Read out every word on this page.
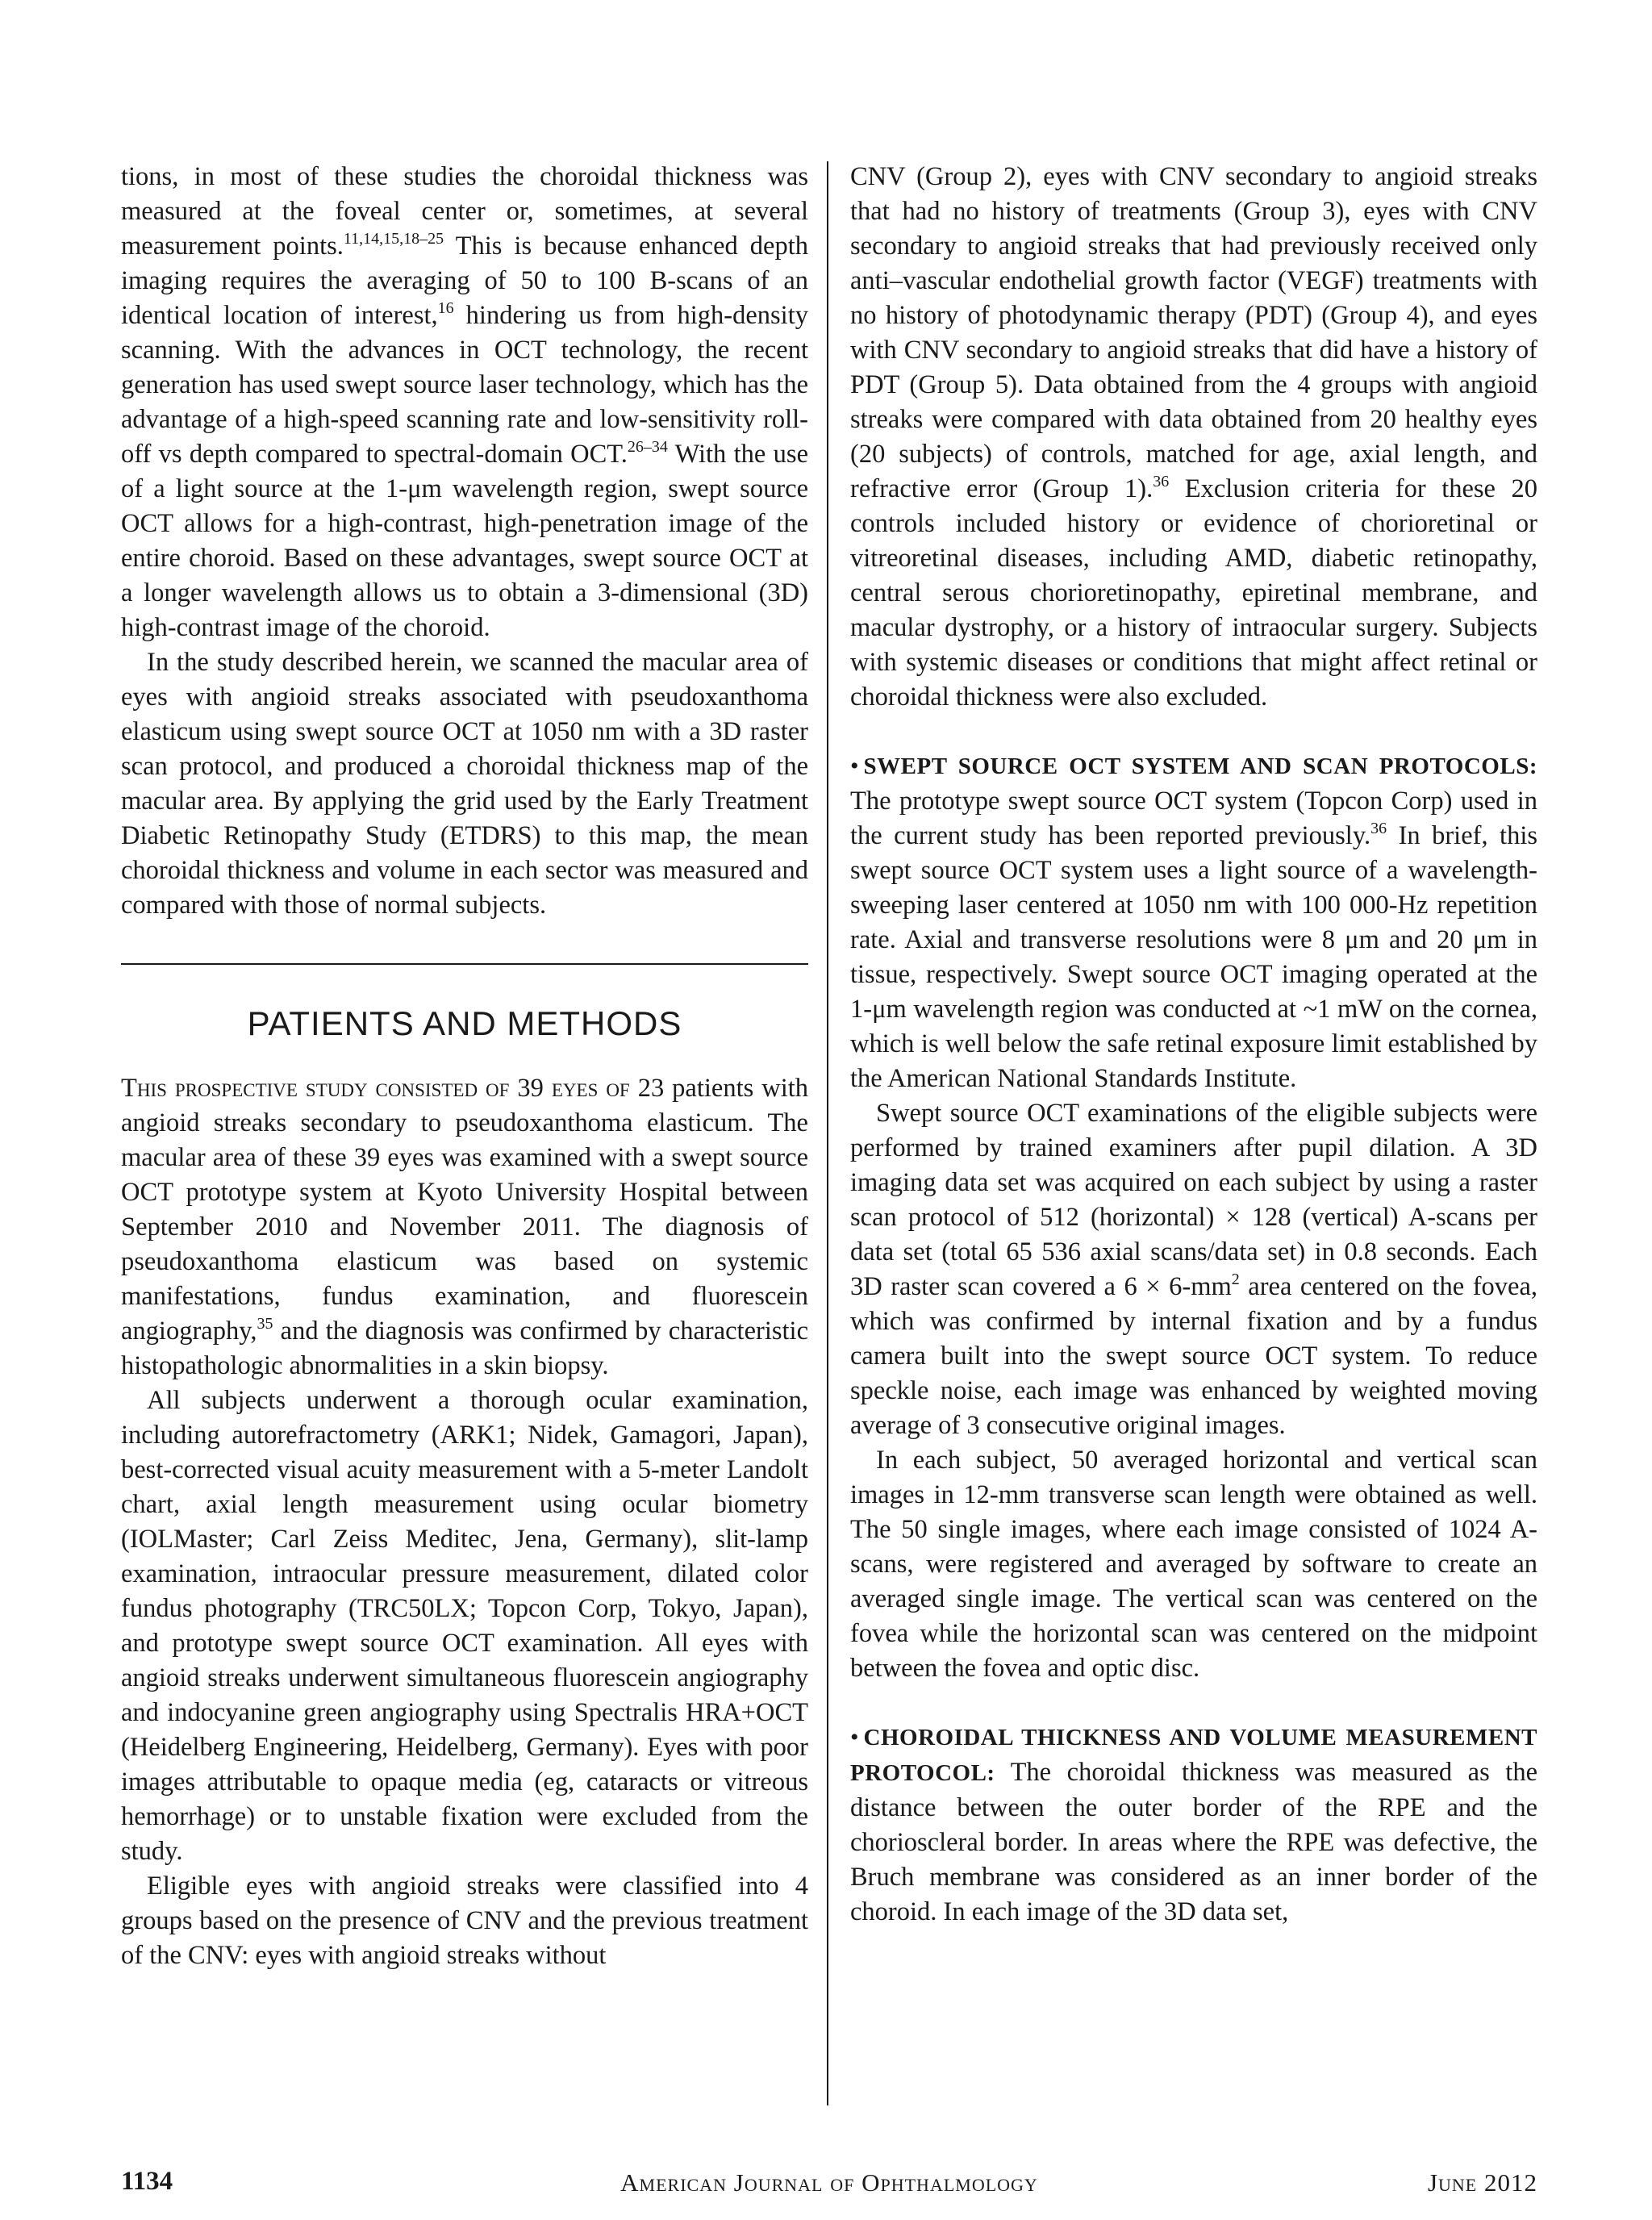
tions, in most of these studies the choroidal thickness was measured at the foveal center or, sometimes, at several measurement points.$^{11,14,15,18-25}$ This is because enhanced depth imaging requires the averaging of 50 to 100 B-scans of an identical location of interest,$^{16}$ hindering us from high-density scanning. With the advances in OCT technology, the recent generation has used swept source laser technology, which has the advantage of a high-speed scanning rate and low-sensitivity roll-off vs depth compared to spectral-domain OCT.$^{26-34}$ With the use of a light source at the 1-μm wavelength region, swept source OCT allows for a high-contrast, high-penetration image of the entire choroid. Based on these advantages, swept source OCT at a longer wavelength allows us to obtain a 3-dimensional (3D) high-contrast image of the choroid.

In the study described herein, we scanned the macular area of eyes with angioid streaks associated with pseudoxanthoma elasticum using swept source OCT at 1050 nm with a 3D raster scan protocol, and produced a choroidal thickness map of the macular area. By applying the grid used by the Early Treatment Diabetic Retinopathy Study (ETDRS) to this map, the mean choroidal thickness and volume in each sector was measured and compared with those of normal subjects.

PATIENTS AND METHODS

This prospective study consisted of 39 eyes of 23 patients with angioid streaks secondary to pseudoxanthoma elasticum. The macular area of these 39 eyes was examined with a swept source OCT prototype system at Kyoto University Hospital between September 2010 and November 2011. The diagnosis of pseudoxanthoma elasticum was based on systemic manifestations, fundus examination, and fluorescein angiography,$^{35}$ and the diagnosis was confirmed by characteristic histopathologic abnormalities in a skin biopsy.

All subjects underwent a thorough ocular examination, including autorefractometry (ARK1; Nidek, Gamagori, Japan), best-corrected visual acuity measurement with a 5-meter Landolt chart, axial length measurement using ocular biometry (IOLMaster; Carl Zeiss Meditec, Jena, Germany), slit-lamp examination, intraocular pressure measurement, dilated color fundus photography (TRC50LX; Topcon Corp, Tokyo, Japan), and prototype swept source OCT examination. All eyes with angioid streaks underwent simultaneous fluorescein angiography and indocyanine green angiography using Spectralis HRA+OCT (Heidelberg Engineering, Heidelberg, Germany). Eyes with poor images attributable to opaque media (eg, cataracts or vitreous hemorrhage) or to unstable fixation were excluded from the study.

Eligible eyes with angioid streaks were classified into 4 groups based on the presence of CNV and the previous treatment of the CNV: eyes with angioid streaks without

CNV (Group 2), eyes with CNV secondary to angioid streaks that had no history of treatments (Group 3), eyes with CNV secondary to angioid streaks that had previously received only anti–vascular endothelial growth factor (VEGF) treatments with no history of photodynamic therapy (PDT) (Group 4), and eyes with CNV secondary to angioid streaks that did have a history of PDT (Group 5). Data obtained from the 4 groups with angioid streaks were compared with data obtained from 20 healthy eyes (20 subjects) of controls, matched for age, axial length, and refractive error (Group 1).$^{36}$ Exclusion criteria for these 20 controls included history or evidence of chorioretinal or vitreoretinal diseases, including AMD, diabetic retinopathy, central serous chorioretinopathy, epiretinal membrane, and macular dystrophy, or a history of intraocular surgery. Subjects with systemic diseases or conditions that might affect retinal or choroidal thickness were also excluded.

• SWEPT SOURCE OCT SYSTEM AND SCAN PROTOCOLS: The prototype swept source OCT system (Topcon Corp) used in the current study has been reported previously.$^{36}$ In brief, this swept source OCT system uses a light source of a wavelength-sweeping laser centered at 1050 nm with 100 000-Hz repetition rate. Axial and transverse resolutions were 8 μm and 20 μm in tissue, respectively. Swept source OCT imaging operated at the 1-μm wavelength region was conducted at ~1 mW on the cornea, which is well below the safe retinal exposure limit established by the American National Standards Institute.

Swept source OCT examinations of the eligible subjects were performed by trained examiners after pupil dilation. A 3D imaging data set was acquired on each subject by using a raster scan protocol of 512 (horizontal) × 128 (vertical) A-scans per data set (total 65 536 axial scans/data set) in 0.8 seconds. Each 3D raster scan covered a $6 \times 6-mm^2$ area centered on the fovea, which was confirmed by internal fixation and by a fundus camera built into the swept source OCT system. To reduce speckle noise, each image was enhanced by weighted moving average of 3 consecutive original images.

In each subject, 50 averaged horizontal and vertical scan images in 12-mm transverse scan length were obtained as well. The 50 single images, where each image consisted of 1024 A-scans, were registered and averaged by software to create an averaged single image. The vertical scan was centered on the fovea while the horizontal scan was centered on the midpoint between the fovea and optic disc.

• CHOROIDAL THICKNESS AND VOLUME MEASUREMENT PROTOCOL: The choroidal thickness was measured as the distance between the outer border of the RPE and the chorioscleral border. In areas where the RPE was defective, the Bruch membrane was considered as an inner border of the choroid. In each image of the 3D data set,

1134	American Journal of Ophthalmology	June 2012
